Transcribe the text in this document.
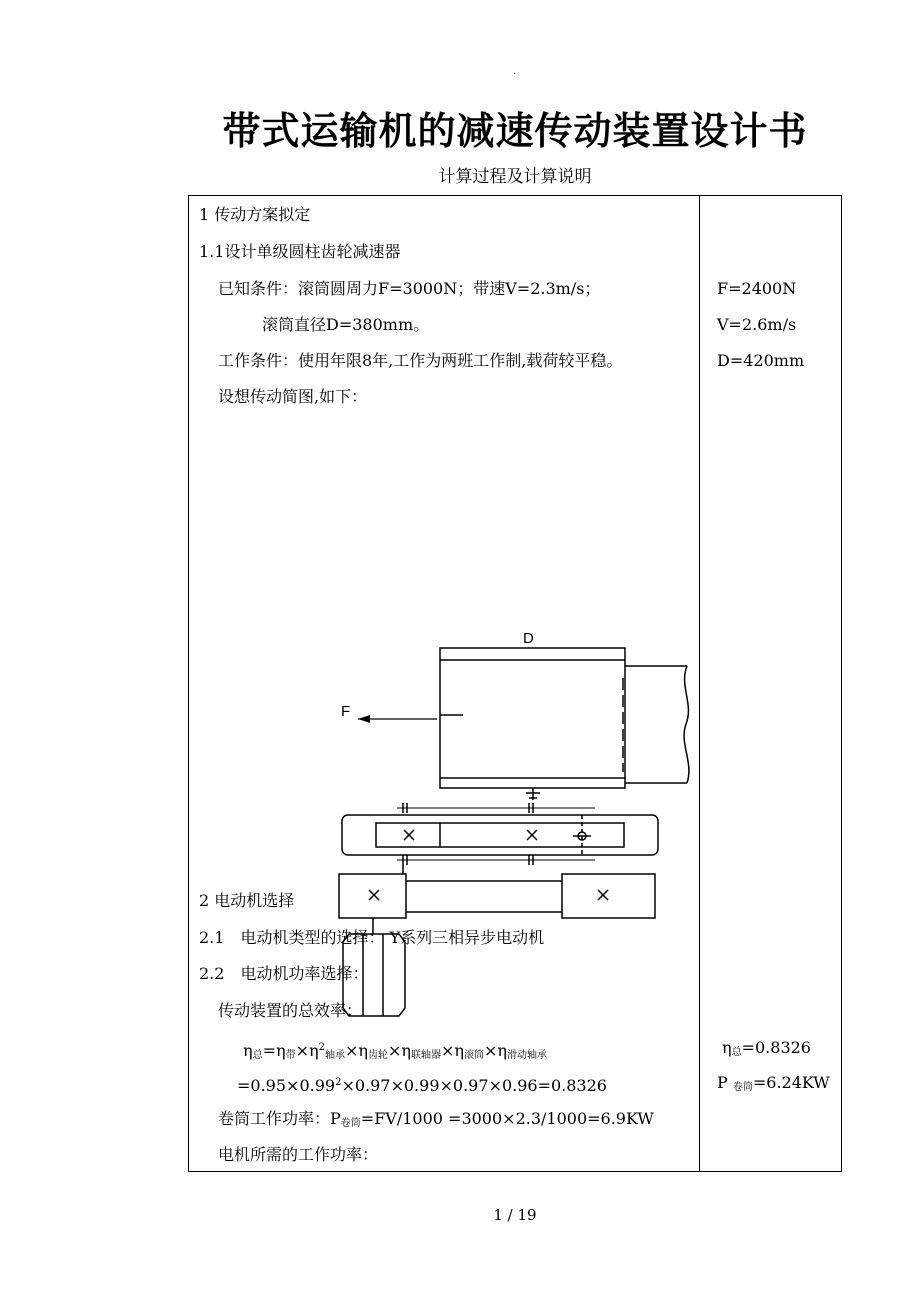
.
带式运输机的减速传动装置设计书
计算过程及计算说明
1 传动方案拟定
1.1设计单级圆柱齿轮减速器
已知条件：滚筒圆周力F=3000N；带速V=2.3m/s；
滚筒直径D=380mm。
工作条件：使用年限8年,工作为两班工作制,载荷较平稳。
设想传动简图,如下：
F=2400N
V=2.6m/s
D=420mm
2 电动机选择
2.1　电动机类型的选择： Y系列三相异步电动机
2.2　电动机功率选择：
传动装置的总效率：
$\eta_总=\eta_带\times\eta^2_{轴承}\times\eta_{齿轮}\times\eta_{联轴器}\times\eta_{滚筒}\times\eta_{滑动轴承}$
$=0.95\times 0.99^2\times 0.97\times 0.99\times 0.97\times 0.96=0.8326$
卷筒工作功率：$P_{卷筒}=FV/1000 =3000\times 2.3/1000=6.9KW$
电机所需的工作功率：
$\eta_总=0.8326$
P $_{卷筒}$=6.24KW
D
F
1 / 19
